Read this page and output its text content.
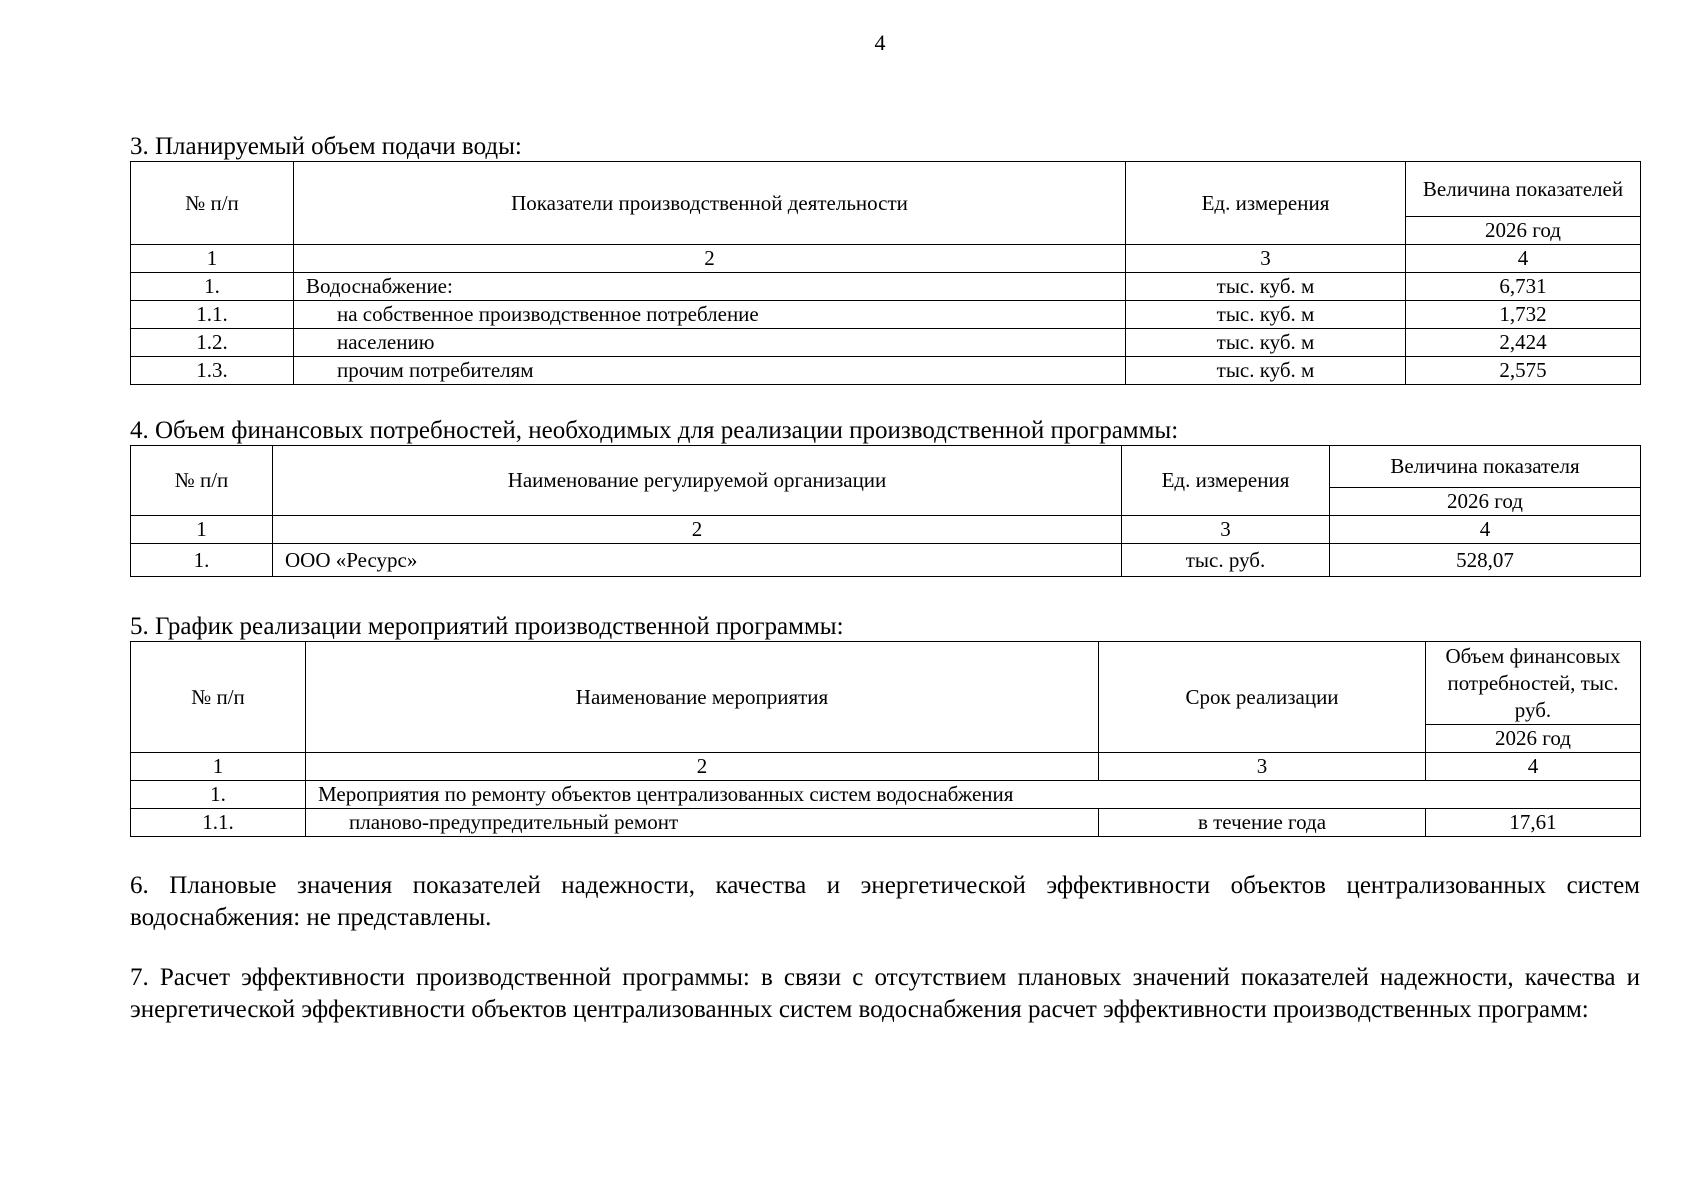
4

3. Планируемый объем подачи воды:

№ п/п	Показатели производственной деятельности	Ед. измерения	Величина показателей
			2026 год
1	2	3	4
1.	Водоснабжение:	тыс. куб. м	6,731
1.1.	на собственное производственное потребление	тыс. куб. м	1,732
1.2.	населению	тыс. куб. м	2,424
1.3.	прочим потребителям	тыс. куб. м	2,575

4. Объем финансовых потребностей, необходимых для реализации производственной программы:

№ п/п	Наименование регулируемой организации	Ед. измерения	Величина показателя
			2026 год
1	2	3	4
1.	ООО «Ресурс»	тыс. руб.	528,07

5. График реализации мероприятий производственной программы:

№ п/п	Наименование мероприятия	Срок реализации	Объем финансовых потребностей, тыс. руб.
			2026 год
1	2	3	4
1.	Мероприятия по ремонту объектов централизованных систем водоснабжения		
1.1.	планово-предупредительный ремонт	в течение года	17,61

6. Плановые значения показателей надежности, качества и энергетической эффективности объектов централизованных систем водоснабжения: не представлены.

7. Расчет эффективности производственной программы: в связи с отсутствием плановых значений показателей надежности, качества и энергетической эффективности объектов централизованных систем водоснабжения расчет эффективности производственных программ:
